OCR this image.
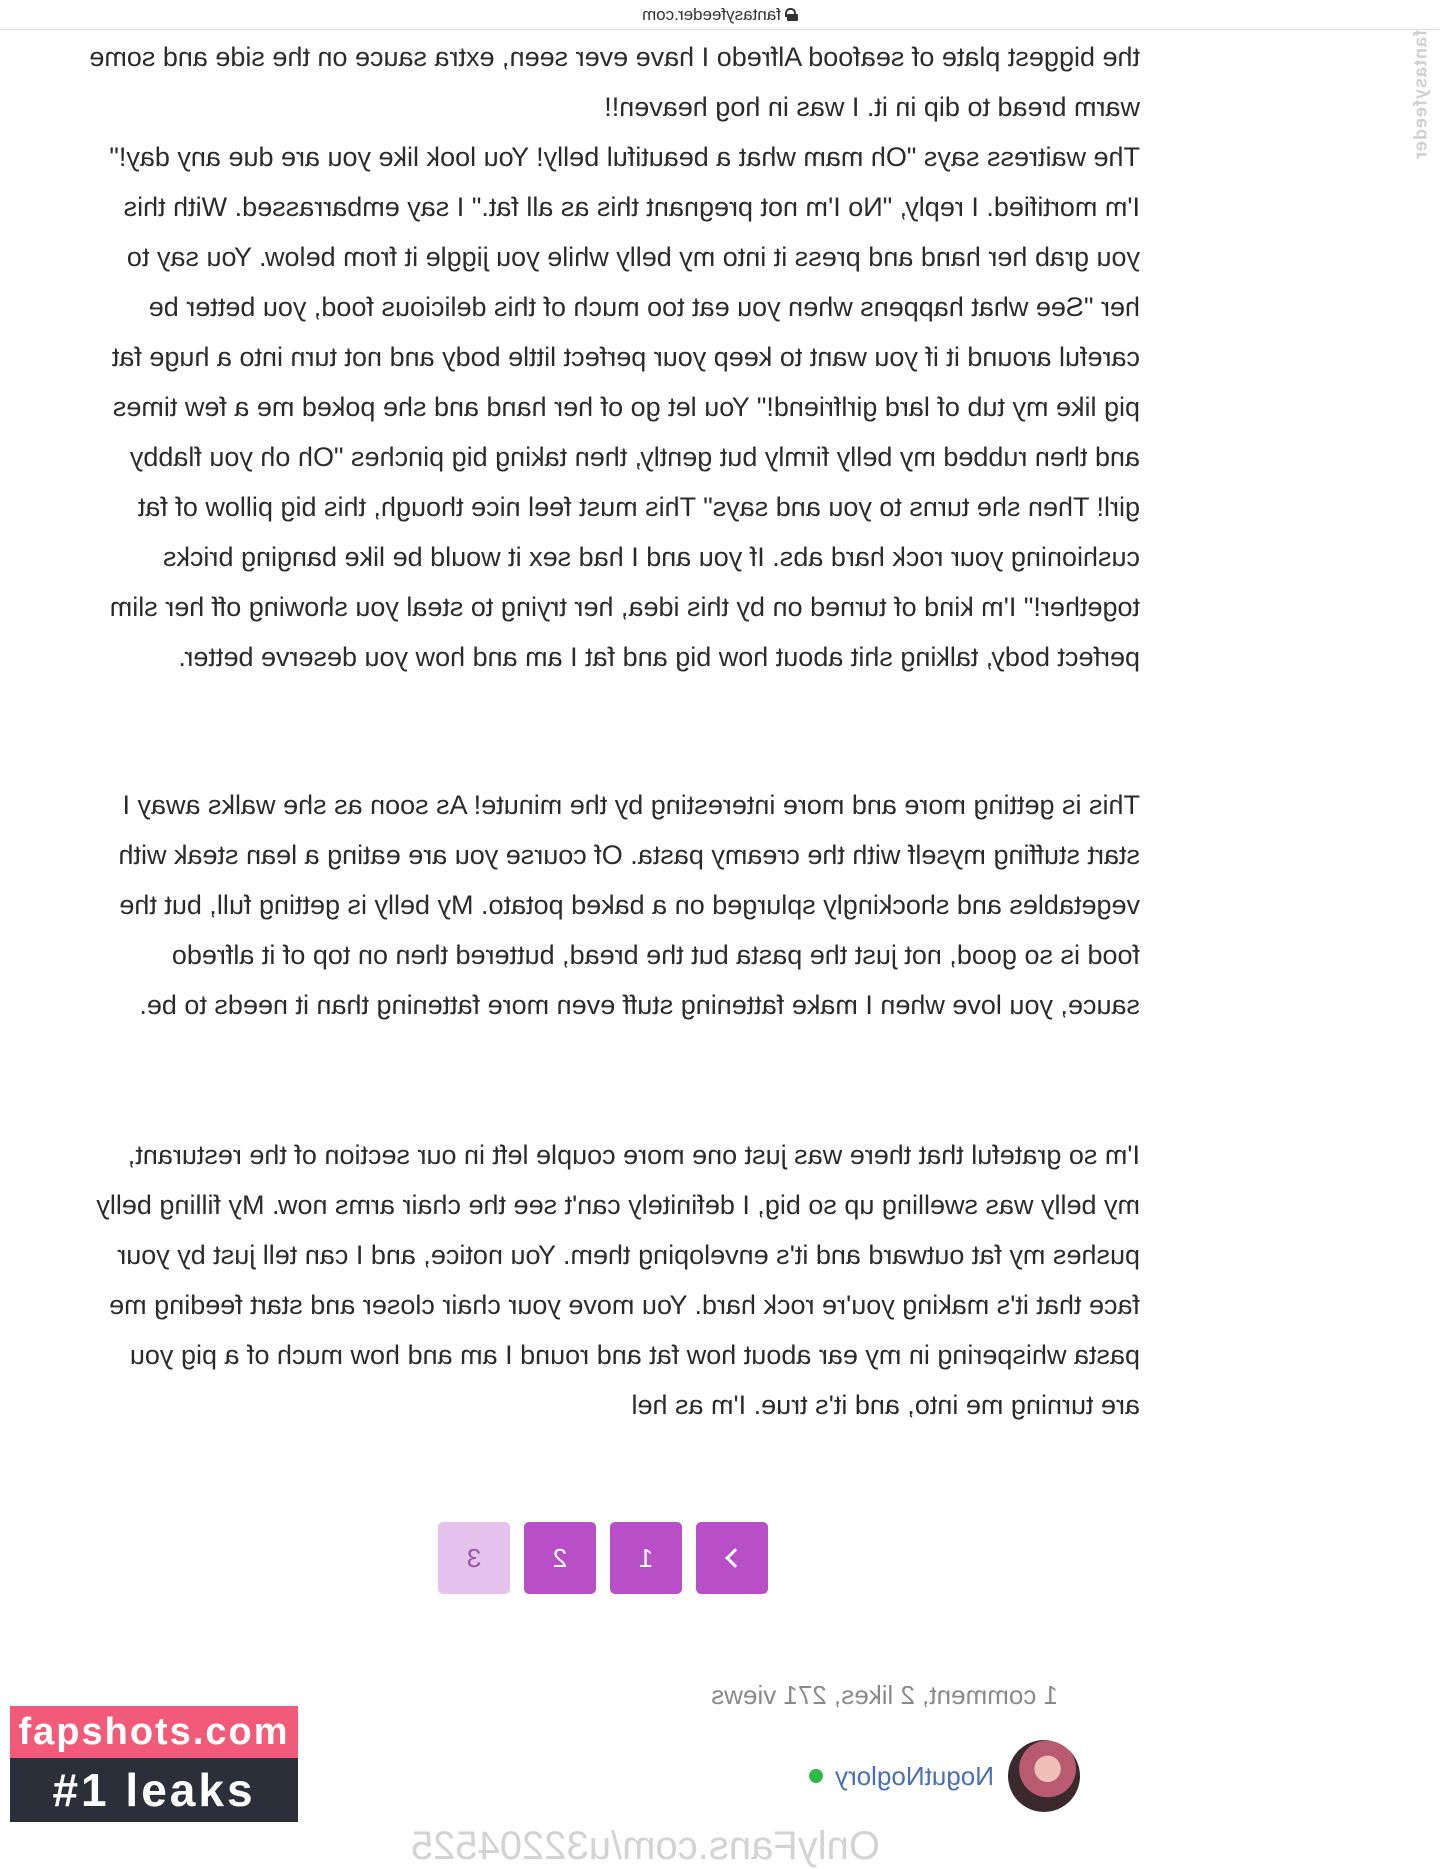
fantasyfeeder.com
fantasyfeeder

the biggest plate of seafood Alfredo I have ever seen, extra sauce on the side and some

warm bread to dip in it. I was in hog heaven!!

The waitress says "Oh mam what a beautiful belly! You look like you are due any day!"

I'm mortified. I reply, "No I'm not pregnant this as all fat." I say embarrassed. With this

you grab her hand and press it into my belly while you jiggle it from below. You say to

her "See what happens when you eat too much of this delicious food, you better be

careful around it if you want to keep your perfect little body and not turn into a huge fat

pig like my tub of lard girlfriend!" You let go of her hand and she poked me a few times

and then rubbed my belly firmly but gently, then taking big pinches "Oh oh you flabby

girl! Then she turns to you and says" This must feel nice though, this big pillow of fat

cushioning your rock hard abs. If you and I had sex it would be like banging bricks

together!" I'm kind of turned on by this idea, her trying to steal you showing off her slim

perfect body, talking shit about how big and fat I am and how you deserve better.

This is getting more and more interesting by the minute! As soon as she walks away I

start stuffing myself with the creamy pasta. Of course you are eating a lean steak with

vegetables and shockingly splurged on a baked potato. My belly is getting full, but the

food is so good, not just the pasta but the bread, buttered then on top of it alfredo

sauce, you love when I make fattening stuff even more fattening than it needs to be.

I'm so grateful that there was just one more couple left in our section of the resturant,

my belly was swelling up so big, I definitely can't see the chair arms now. My filling belly

pushes my fat outward and it's enveloping them. You notice, and I can tell just by your

face that it's making you're rock hard. You move your chair closer and start feeding me

pasta whispering in my ear about how fat and round I am and how much of a pig you

are turning me into, and it's true. I'm as hel

1
2
3
1 comment, 2 likes, 271 views
NogutNoglory
OnlyFans.com/u32204525
fapshots.com
#1 leaks
